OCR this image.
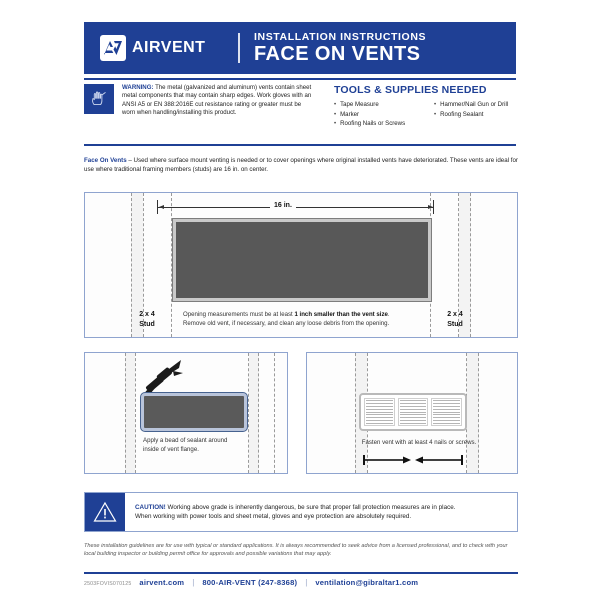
AIRVENT
INSTALLATION INSTRUCTIONS
FACE ON VENTS
WARNING: The metal (galvanized and aluminum) vents contain sheet metal components that may contain sharp edges. Work gloves with an ANSI A5 or EN 388:2016E cut resistance rating or greater must be worn when handling/installing this product.
TOOLS & SUPPLIES NEEDED
• Tape Measure
• Marker
• Roofing Nails or Screws
• Hammer/Nail Gun or Drill
• Roofing Sealant
Face On Vents – Used where surface mount venting is needed or to cover openings where original installed vents have deteriorated. These vents are ideal for use where traditional framing members (studs) are 16 in. on center.
16 in.
2 x 4
Stud
2 x 4
Stud
Opening measurements must be at least 1 inch smaller than the vent size.
Remove old vent, if necessary, and clean any loose debris from the opening.
Apply a bead of sealant around
inside of vent flange.
Fasten vent with at least 4 nails or screws.
CAUTION! Working above grade is inherently dangerous, be sure that proper fall protection measures are in place.
When working with power tools and sheet metal, gloves and eye protection are absolutely required.
These installation guidelines are for use with typical or standard applications. It is always recommended to seek advice from a licensed professional, and to check with your local building inspector or building permit office for approvals and possible variations that may apply.
2503FOVIS070125 airvent.com | 800-AIR-VENT (247-8368) | ventilation@gibraltar1.com
